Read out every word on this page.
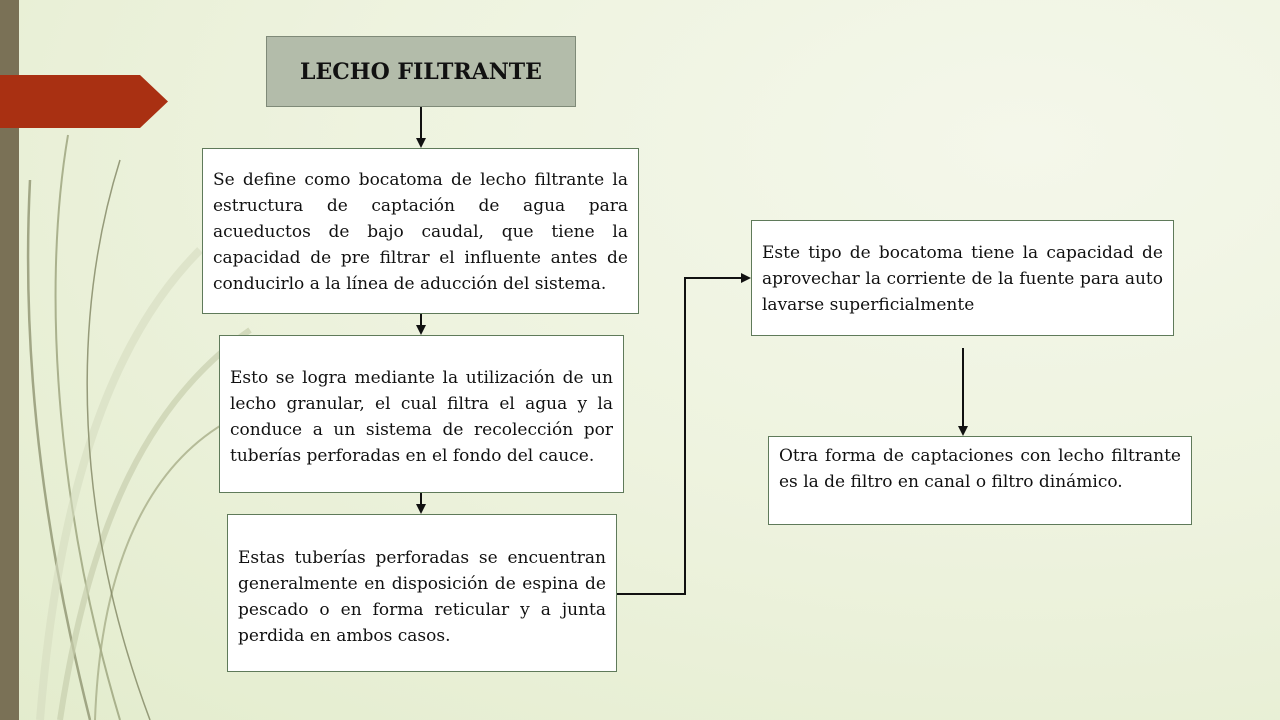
LECHO FILTRANTE
Se define como bocatoma de lecho filtrante la estructura de captación de agua para acueductos de bajo caudal, que tiene la capacidad de pre filtrar el influente antes de conducirlo a la línea de aducción del sistema.
Esto se logra mediante la utilización de un lecho granular, el cual filtra el agua y la conduce a un sistema de recolección por tuberías perforadas en el fondo del cauce.
Estas tuberías perforadas se encuentran generalmente en disposición de espina de pescado o en forma reticular y a junta perdida en ambos casos.
Este tipo de bocatoma tiene la capacidad de aprovechar la corriente de la fuente para auto lavarse superficialmente
Otra forma de captaciones con lecho filtrante es la de filtro en canal o filtro dinámico.
